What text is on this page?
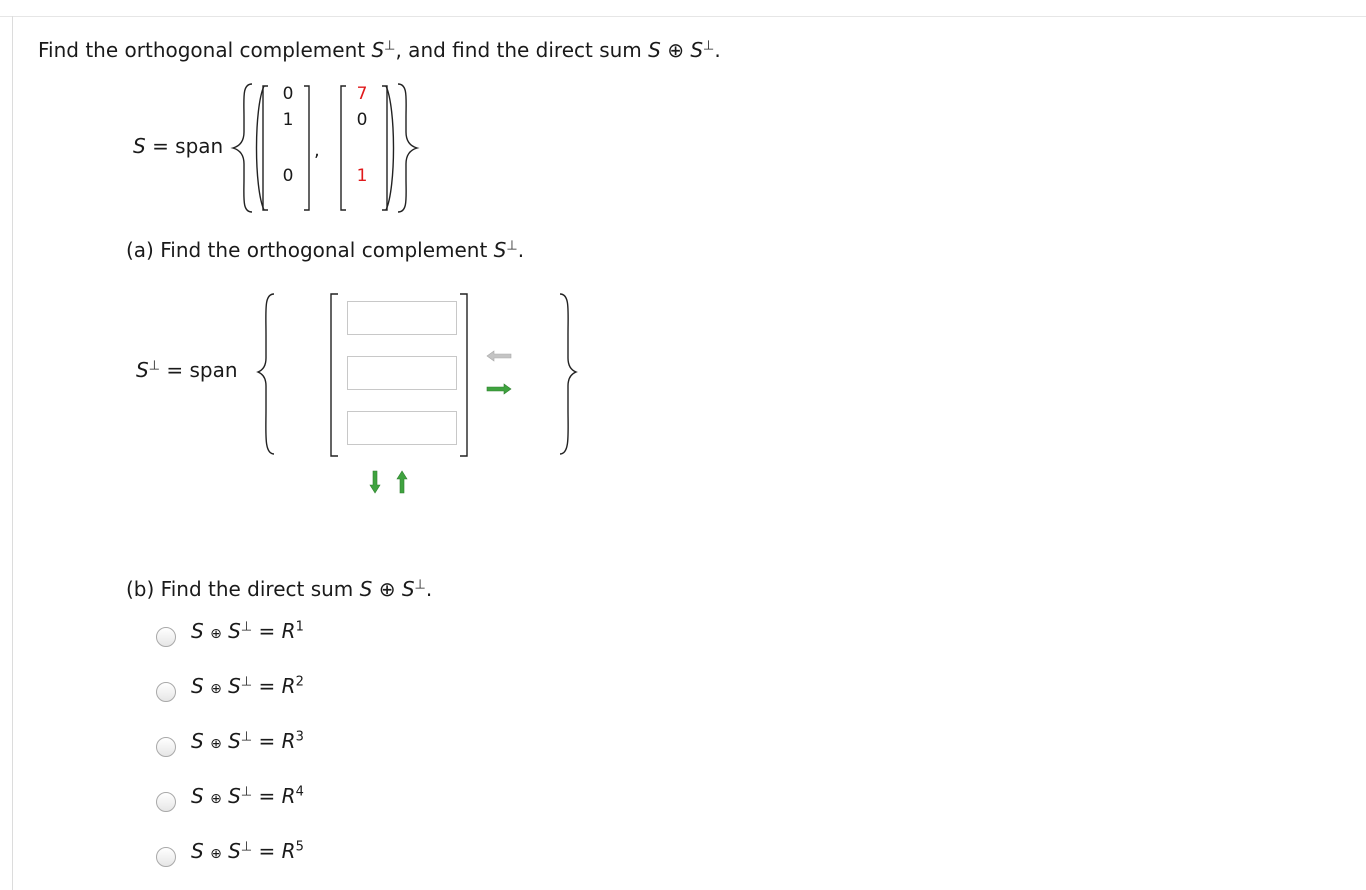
Find the orthogonal complement S⊥, and find the direct sum S ⊕ S⊥.
S = span
0
1
0
,
7
0
1
(a) Find the orthogonal complement S⊥.
S⊥ = span
(b) Find the direct sum S ⊕ S⊥.
S ⊕ $S^\perp = R^1$
S ⊕ $S^\perp = R^2$
S ⊕ $S^\perp = R^3$
S ⊕ $S^\perp = R^4$
S ⊕ $S^\perp = R^5$
